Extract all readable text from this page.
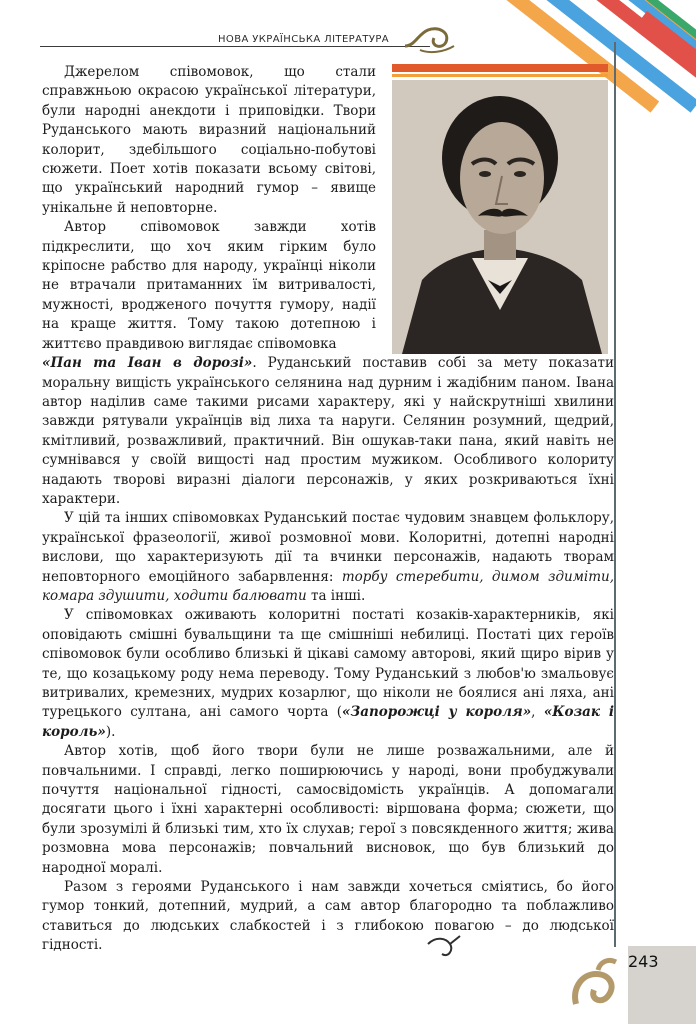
НОВА УКРАЇНСЬКА ЛІТЕРАТУРА

Джерелом співомовок, що стали справжньою окрасою української літератури, були народні анекдоти і приповідки. Твори Руданського мають виразний національний колорит, здебільшого соціально-побутові сюжети. Поет хотів показати всьому світові, що український народний гумор – явище унікальне й неповторне.

Автор співомовок завжди хотів підкреслити, що хоч яким гірким було кріпосне рабство для народу, українці ніколи не втрачали притаманних їм витривалості, мужності, вродженого почуття гумору, надії на краще життя. Тому такою дотепною і життєво правдивою виглядає співомовка

«Пан та Іван в дорозі». Руданський поставив собі за мету показати моральну вищість українського селянина над дурним і жадібним паном. Івана автор наділив саме такими рисами характеру, які у найскрутніші хвилини завжди рятували українців від лиха та наруги. Селянин розумний, щедрий, кмітливий, розважливий, практичний. Він ошукав-таки пана, який навіть не сумнівався у своїй вищості над простим мужиком. Особливого колориту надають творові виразні діалоги персонажів, у яких розкриваються їхні характери.

У цій та інших співомовках Руданський постає чудовим знавцем фольклору, української фразеології, живої розмовної мови. Колоритні, дотепні народні вислови, що характеризують дії та вчинки персонажів, надають творам неповторного емоційного забарвлення: торбу стеребити, димом здимiти, комара здушити, ходити балювати та інші.

У співомовках оживають колоритні постаті козаків-характерників, які оповідають смішні бувальщини та ще смішніші небилиці. Постаті цих героїв співомовок були особливо близькі й цікаві самому авторові, який щиро вірив у те, що козацькому роду нема переводу. Тому Руданський з любов'ю змальовує витривалих, кремезних, мудрих козарлюг, що ніколи не боялися ані ляха, ані турецького султана, ані самого чорта («Запорожці у короля», «Козак і король»).

Автор хотів, щоб його твори були не лише розважальними, але й повчальними. І справді, легко поширюючись у народі, вони пробуджували почуття національної гідності, самосвідомість українців. А допомагали досягати цього і їхні характерні особливості: віршована форма; сюжети, що були зрозумілі й близькі тим, хто їх слухав; герої з повсякденного життя; жива розмовна мова персонажів; повчальний висновок, що був близький до народної моралі.

Разом з героями Руданського і нам завжди хочеться сміятись, бо його гумор тонкий, дотепний, мудрий, а сам автор благородно та поблажливо ставиться до людських слабкостей і з глибокою повагою – до людської гідності.

243
